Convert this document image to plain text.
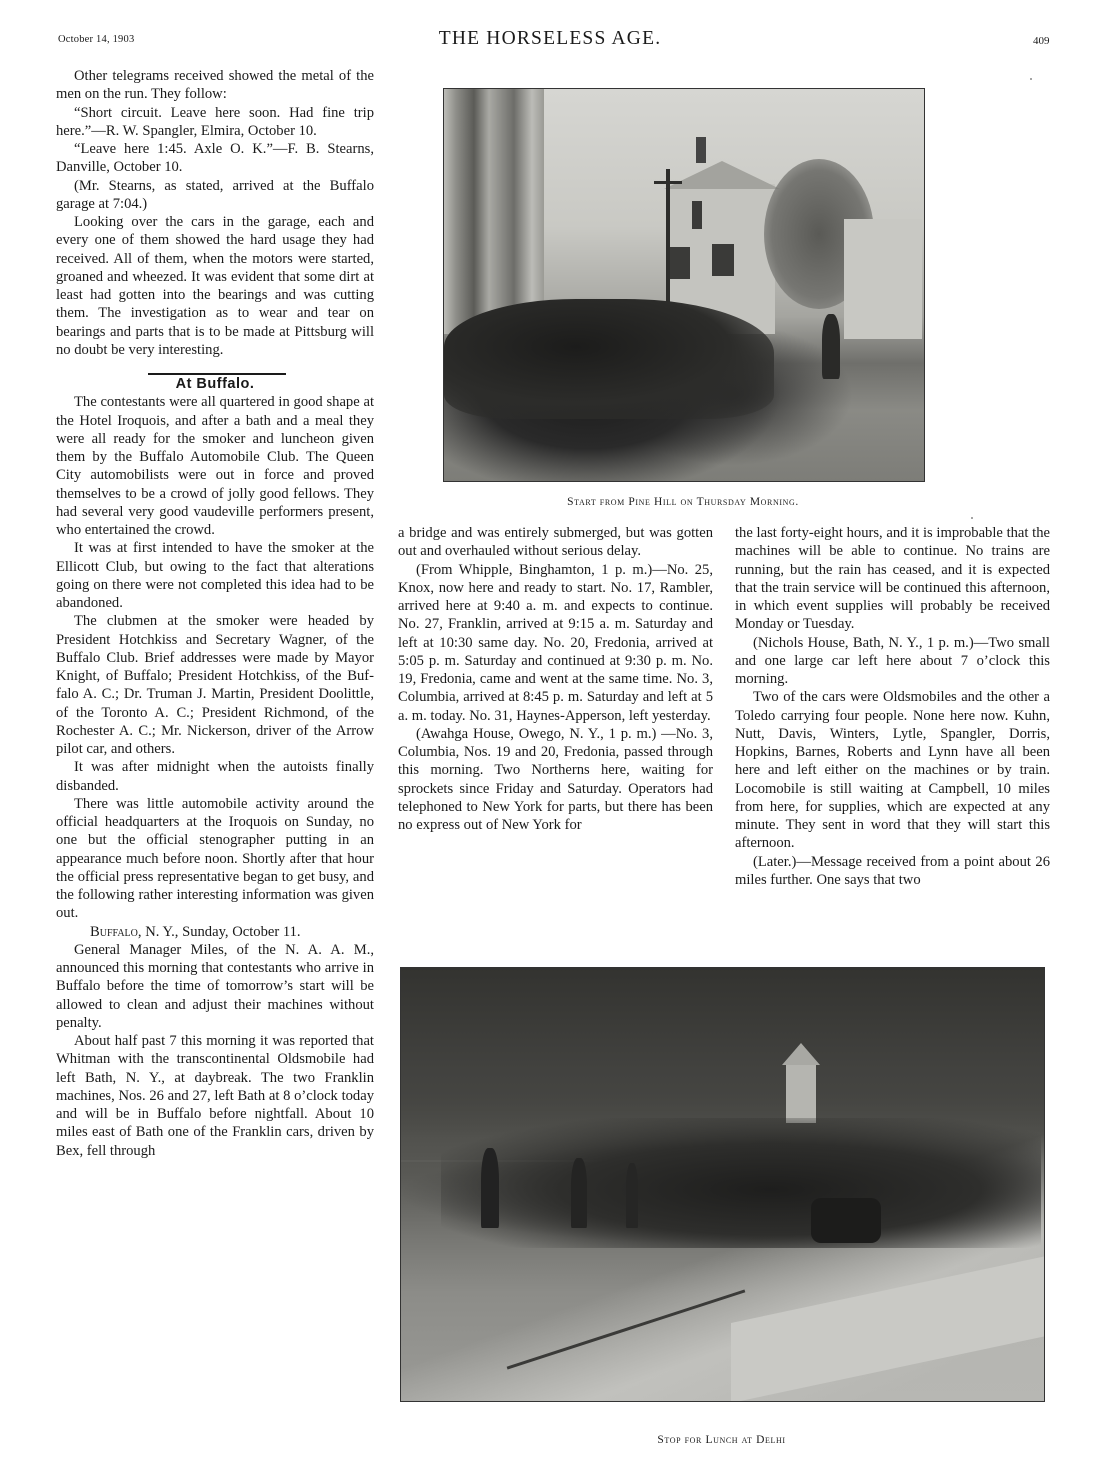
October 14, 1903	THE HORSELESS AGE.	409

Other telegrams received showed the metal of the men on the run. They follow:

“Short circuit. Leave here soon. Had fine trip here.”—R. W. Spangler, Elmira, October 10.

“Leave here 1:45. Axle O. K.”—F. B. Stearns, Danville, October 10.

(Mr. Stearns, as stated, arrived at the Buffalo garage at 7:04.)

Looking over the cars in the garage, each and every one of them showed the hard usage they had received. All of them, when the motors were started, groaned and wheezed. It was evident that some dirt at least had gotten into the bearings and was cutting them. The investigation as to wear and tear on bearings and parts that is to be made at Pittsburg will no doubt be very interesting.

At Buffalo.

The contestants were all quartered in good shape at the Hotel Iroquois, and after a bath and a meal they were all ready for the smoker and luncheon given them by the Buffalo Automobile Club. The Queen City automobilists were out in force and proved themselves to be a crowd of jolly good fellows. They had several very good vaudeville performers present, who entertained the crowd.

It was at first intended to have the smoker at the Ellicott Club, but owing to the fact that alterations going on there were not completed this idea had to be abandoned.

The clubmen at the smoker were headed by President Hotchkiss and Secretary Wagner, of the Buffalo Club. Brief addresses were made by Mayor Knight, of Buffalo; President Hotchkiss, of the Buffalo A. C.; Dr. Truman J. Martin, President Doolittle, of the Toronto A. C.; President Richmond, of the Rochester A. C.; Mr. Nickerson, driver of the Arrow pilot car, and others.

It was after midnight when the autoists finally disbanded.

There was little automobile activity around the official headquarters at the Iroquois on Sunday, no one but the official stenographer putting in an appearance much before noon. Shortly after that hour the official press representative began to get busy, and the following rather interesting information was given out.

Buffalo, N. Y., Sunday, October 11.

General Manager Miles, of the N. A. A. M., announced this morning that contestants who arrive in Buffalo before the time of tomorrow’s start will be allowed to clean and adjust their machines without penalty.

About half past 7 this morning it was reported that Whitman with the transcontinental Oldsmobile had left Bath, N. Y., at daybreak. The two Franklin machines, Nos. 26 and 27, left Bath at 8 o’clock today and will be in Buffalo before nightfall. About 10 miles east of Bath one of the Franklin cars, driven by Bex, fell through

Start from Pine Hill on Thursday Morning.

a bridge and was entirely submerged, but was gotten out and overhauled without serious delay.

(From Whipple, Binghamton, 1 p. m.)—No. 25, Knox, now here and ready to start. No. 17, Rambler, arrived here at 9:40 a. m. and expects to continue. No. 27, Franklin, arrived at 9:15 a. m. Saturday and left at 10:30 same day. No. 20, Fredonia, arrived at 5:05 p. m. Saturday and continued at 9:30 p. m. No. 19, Fredonia, came and went at the same time. No. 3, Columbia, arrived at 8:45 p. m. Saturday and left at 5 a. m. today. No. 31, Haynes-Apperson, left yesterday.

(Awahga House, Owego, N. Y., 1 p. m.) —No. 3, Columbia, Nos. 19 and 20, Fredonia, passed through this morning. Two Northerns here, waiting for sprockets since Friday and Saturday. Operators had telephoned to New York for parts, but there has been no express out of New York for

the last forty-eight hours, and it is improbable that the machines will be able to continue. No trains are running, but the rain has ceased, and it is expected that the train service will be continued this afternoon, in which event supplies will probably be received Monday or Tuesday.

(Nichols House, Bath, N. Y., 1 p. m.)—Two small and one large car left here about 7 o’clock this morning.

Two of the cars were Oldsmobiles and the other a Toledo carrying four people. None here now. Kuhn, Nutt, Davis, Winters, Lytle, Spangler, Dorris, Hopkins, Barnes, Roberts and Lynn have all been here and left either on the machines or by train. Locomobile is still waiting at Campbell, 10 miles from here, for supplies, which are expected at any minute. They sent in word that they will start this afternoon.

(Later.)—Message received from a point about 26 miles further. One says that two

Stop for Lunch at Delhi
